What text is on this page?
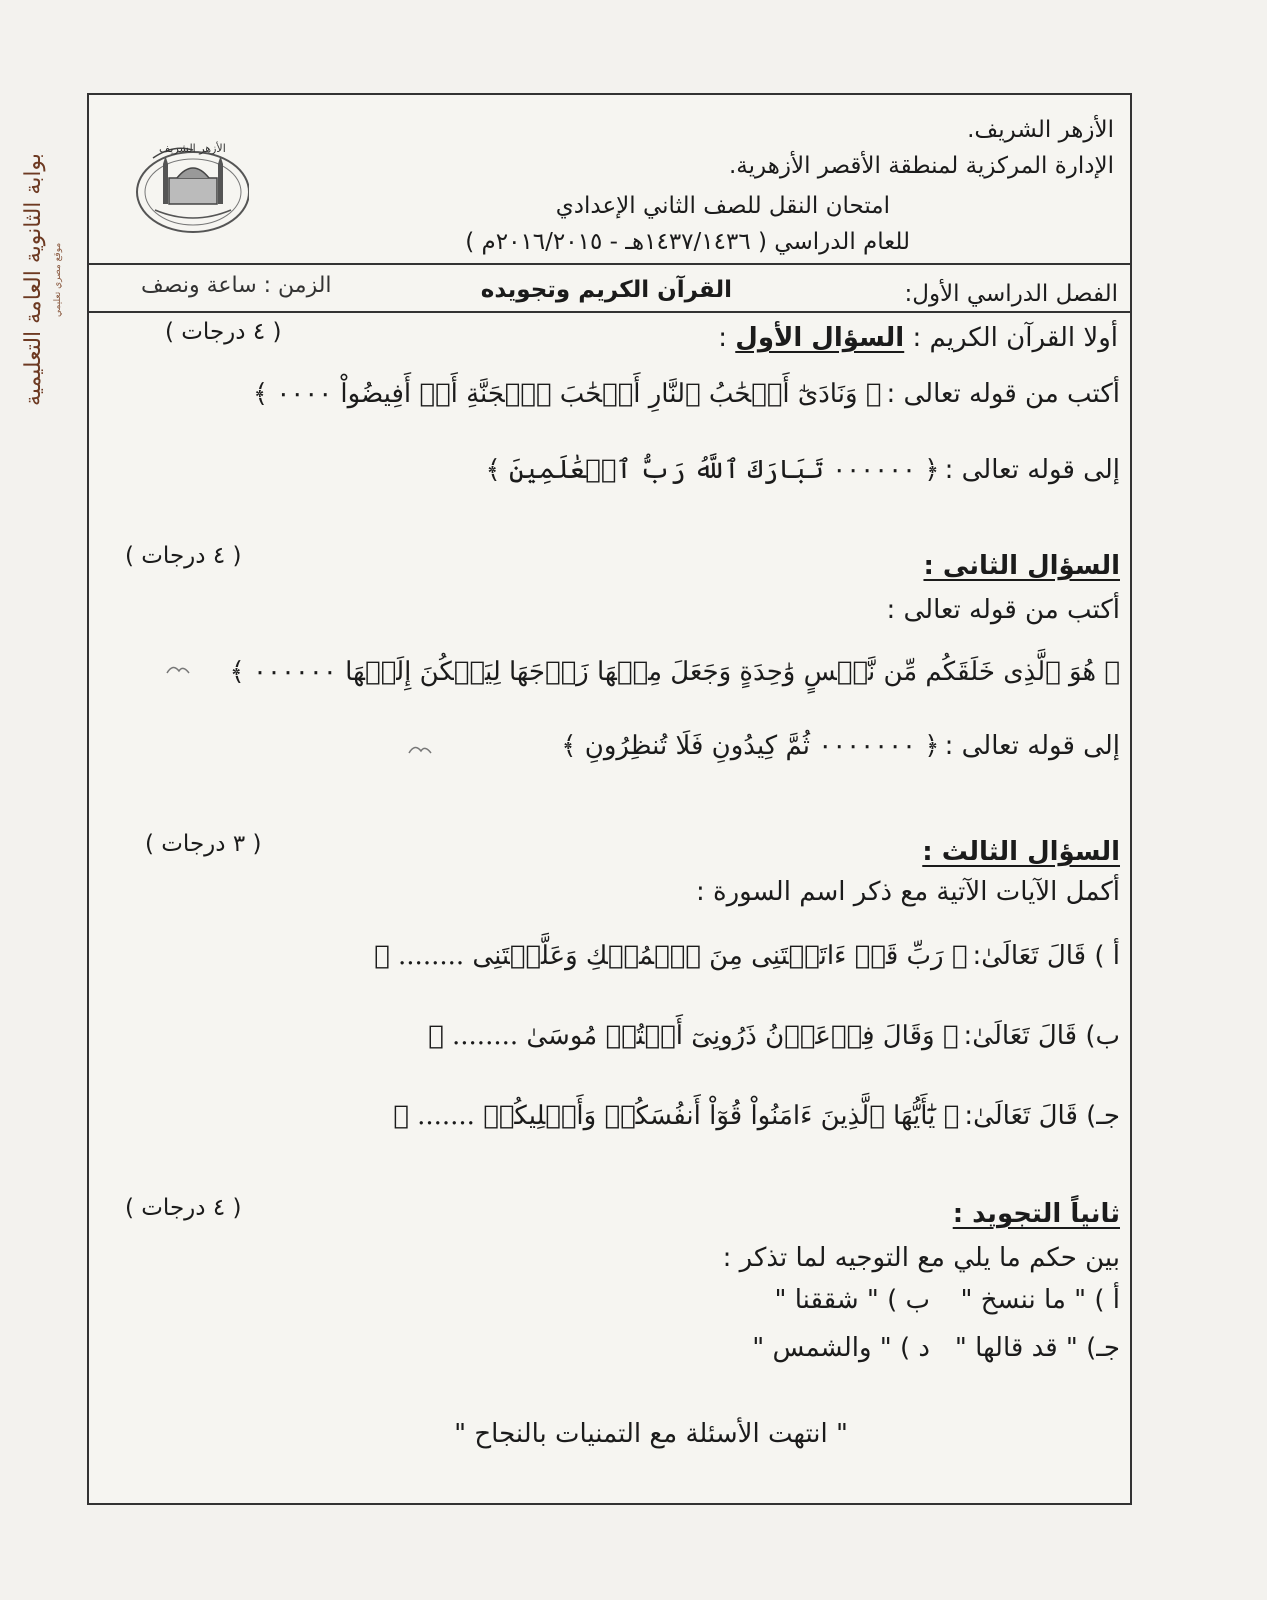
بوابة الثانوية العامة التعليمية موقع مصري تعليمي
الأزهر الشريف
الأزهر الشريف.
الإدارة المركزية لمنطقة الأقصر الأزهرية.
امتحان النقل للصف الثاني الإعدادي
للعام الدراسي ( ١٤٣٧/١٤٣٦هـ - ٢٠١٦/٢٠١٥م )
الفصل الدراسي الأول:
القرآن الكريم وتجويده
الزمن : ساعة ونصف
أولا القرآن الكريم : السؤال الأول :
( ٤ درجات )
أكتب من قوله تعالى : ﴿ وَنَادَىٰٓ أَصۡحَٰبُ ٱلنَّارِ أَصۡحَٰبَ ٱلۡجَنَّةِ أَنۡ أَفِيضُواْ ٠٠٠٠ ﴾
إلى قوله تعالى : ﴿ ٠٠٠٠٠٠ تَبَارَكَ ٱللَّهُ رَبُّ ٱلۡعَٰلَمِينَ ﴾
السؤال الثانى :
( ٤ درجات )
أكتب من قوله تعالى :
﴿ هُوَ ٱلَّذِى خَلَقَكُم مِّن نَّفۡسٍ وَٰحِدَةٍ وَجَعَلَ مِنۡهَا زَوۡجَهَا لِيَسۡكُنَ إِلَيۡهَا ٠٠٠٠٠٠ ﴾
إلى قوله تعالى : ﴿ ٠٠٠٠٠٠٠ ثُمَّ كِيدُونِ فَلَا تُنظِرُونِ ﴾
السؤال الثالث :
( ٣ درجات )
أكمل الآيات الآتية مع ذكر اسم السورة :
أ ) قَالَ تَعَالَىٰ: ﴿ رَبِّ قَدۡ ءَاتَيۡتَنِى مِنَ ٱلۡمُلۡكِ وَعَلَّمۡتَنِى ........ ﴾
ب) قَالَ تَعَالَىٰ: ﴿ وَقَالَ فِرۡعَوۡنُ ذَرُونِىٓ أَقۡتُلۡ مُوسَىٰ ........ ﴾
جـ) قَالَ تَعَالَىٰ: ﴿ يَٰٓأَيُّهَا ٱلَّذِينَ ءَامَنُواْ قُوٓاْ أَنفُسَكُمۡ وَأَهۡلِيكُمۡ ....... ﴾
ثانياً التجويد :
( ٤ درجات )
بين حكم ما يلي مع التوجيه لما تذكر :
أ ) " ما ننسخ "
ب ) " شققنا "
جـ) " قد قالها "
د ) " والشمس "
" انتهت الأسئلة مع التمنيات بالنجاح "
